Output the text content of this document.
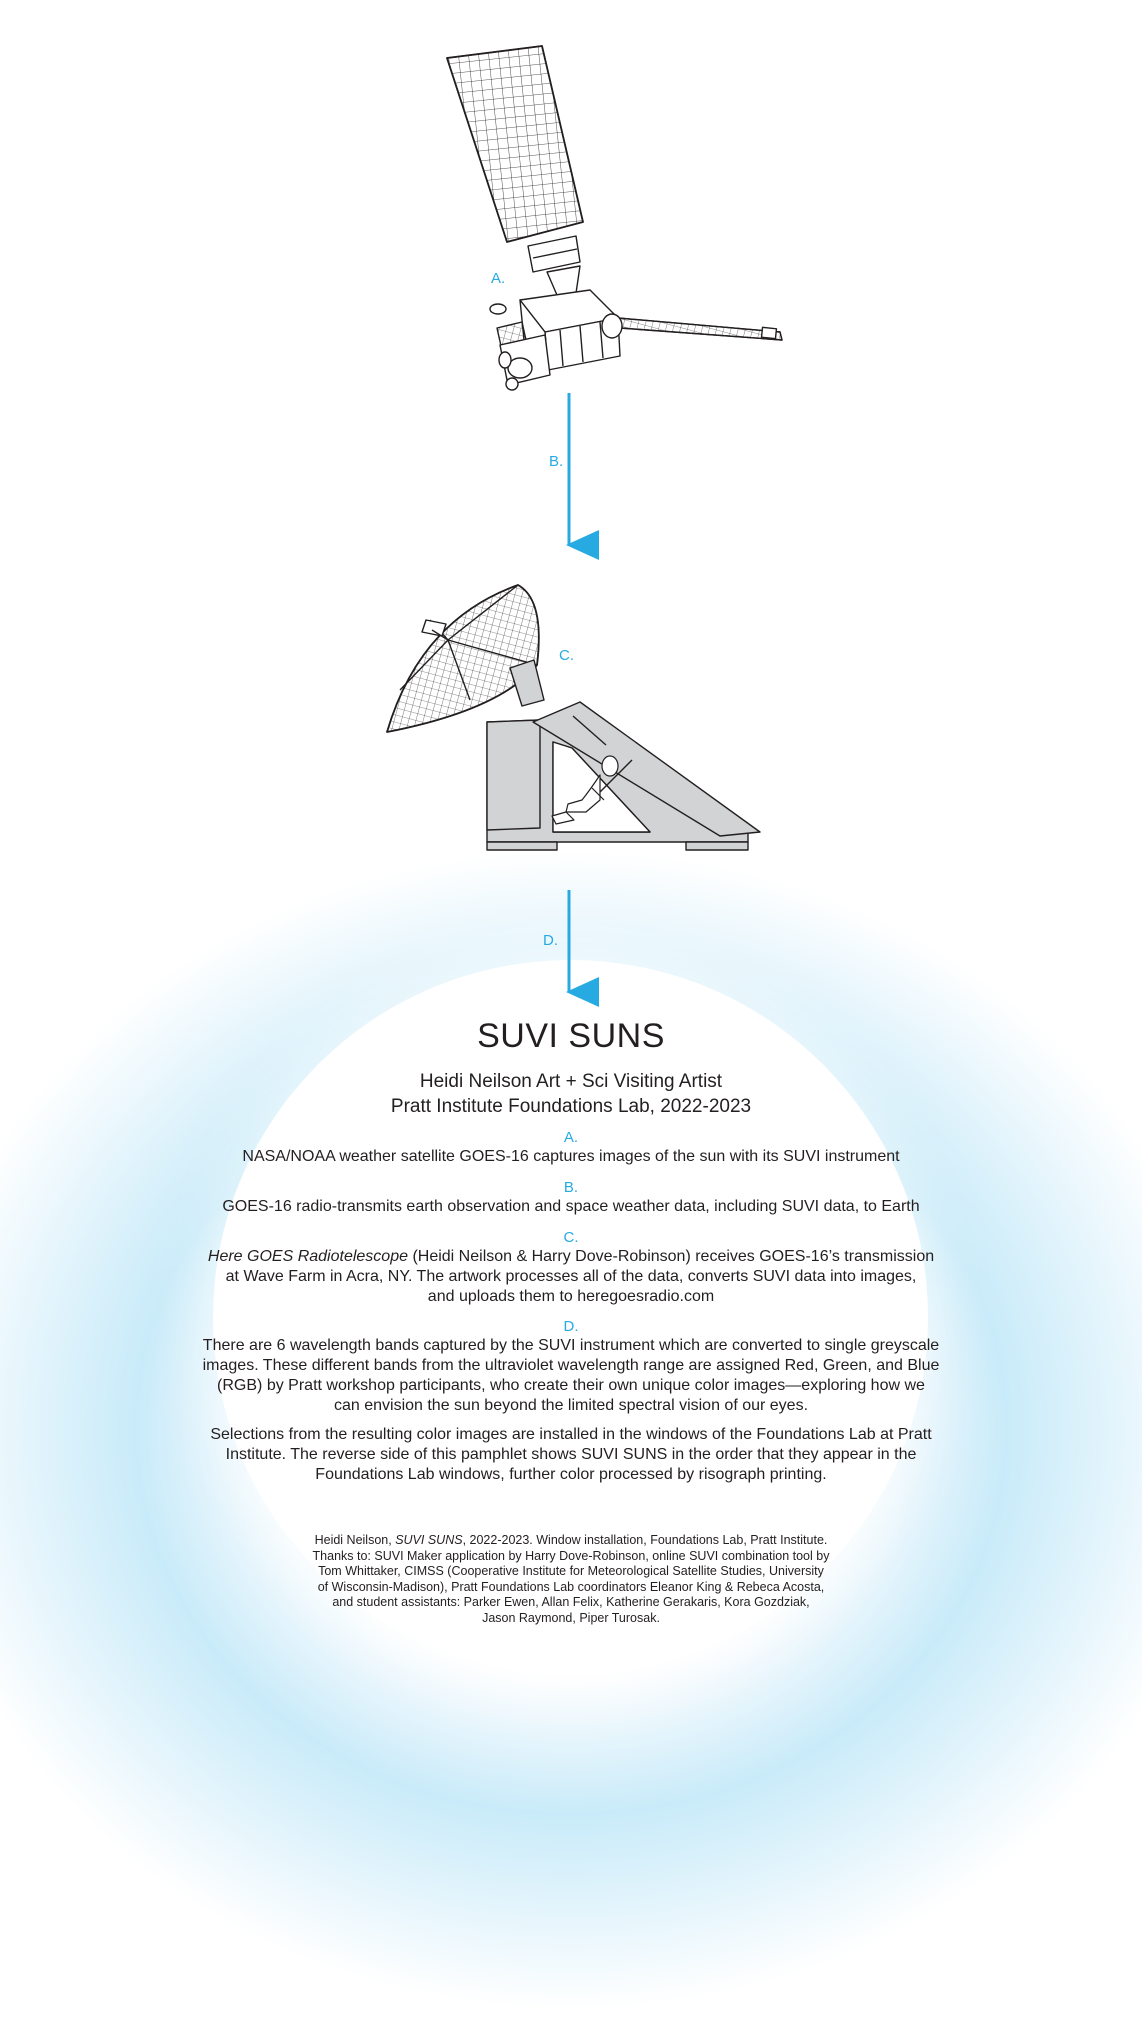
A.
B.
C.
D.
SUVI SUNS
Heidi Neilson Art + Sci Visiting Artist
Pratt Institute Foundations Lab, 2022-2023
A.
NASA/NOAA weather satellite GOES-16 captures images of the sun with its SUVI instrument
B.
GOES-16 radio-transmits earth observation and space weather data, including SUVI data, to Earth
C.
Here GOES Radiotelescope (Heidi Neilson & Harry Dove-Robinson) receives GOES-16’s transmission
at Wave Farm in Acra, NY. The artwork processes all of the data, converts SUVI data into images,
and uploads them to heregoesradio.com
D.
There are 6 wavelength bands captured by the SUVI instrument which are converted to single greyscale
images. These different bands from the ultraviolet wavelength range are assigned Red, Green, and Blue
(RGB) by Pratt workshop participants, who create their own unique color images—exploring how we
can envision the sun beyond the limited spectral vision of our eyes.
Selections from the resulting color images are installed in the windows of the Foundations Lab at Pratt
Institute. The reverse side of this pamphlet shows SUVI SUNS in the order that they appear in the
Foundations Lab windows, further color processed by risograph printing.
Heidi Neilson, SUVI SUNS, 2022-2023. Window installation, Foundations Lab, Pratt Institute.
Thanks to: SUVI Maker application by Harry Dove-Robinson, online SUVI combination tool by
Tom Whittaker, CIMSS (Cooperative Institute for Meteorological Satellite Studies, University
of Wisconsin-Madison), Pratt Foundations Lab coordinators Eleanor King & Rebeca Acosta,
and student assistants: Parker Ewen, Allan Felix, Katherine Gerakaris, Kora Gozdziak,
Jason Raymond, Piper Turosak.
